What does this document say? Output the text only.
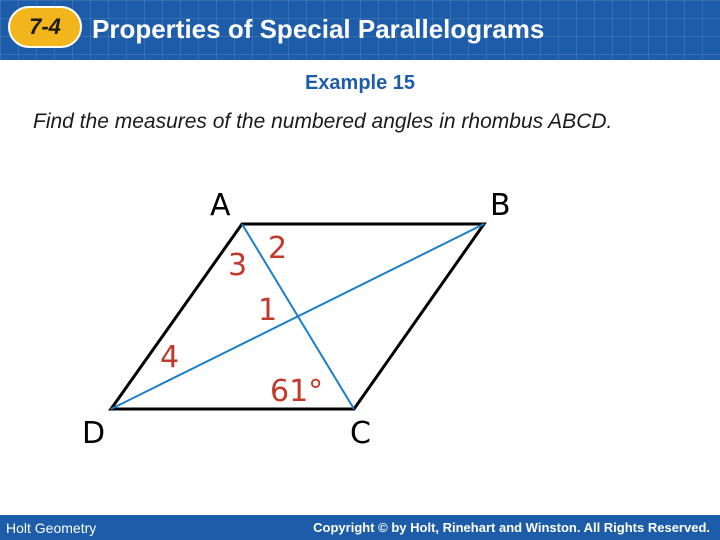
7-4 Properties of Special Parallelograms
Example 15
Find the measures of the numbered angles in rhombus ABCD.
A	B
C
D
2
3
1
4
61°
Holt Geometry	Copyright © by Holt, Rinehart and Winston. All Rights Reserved.
